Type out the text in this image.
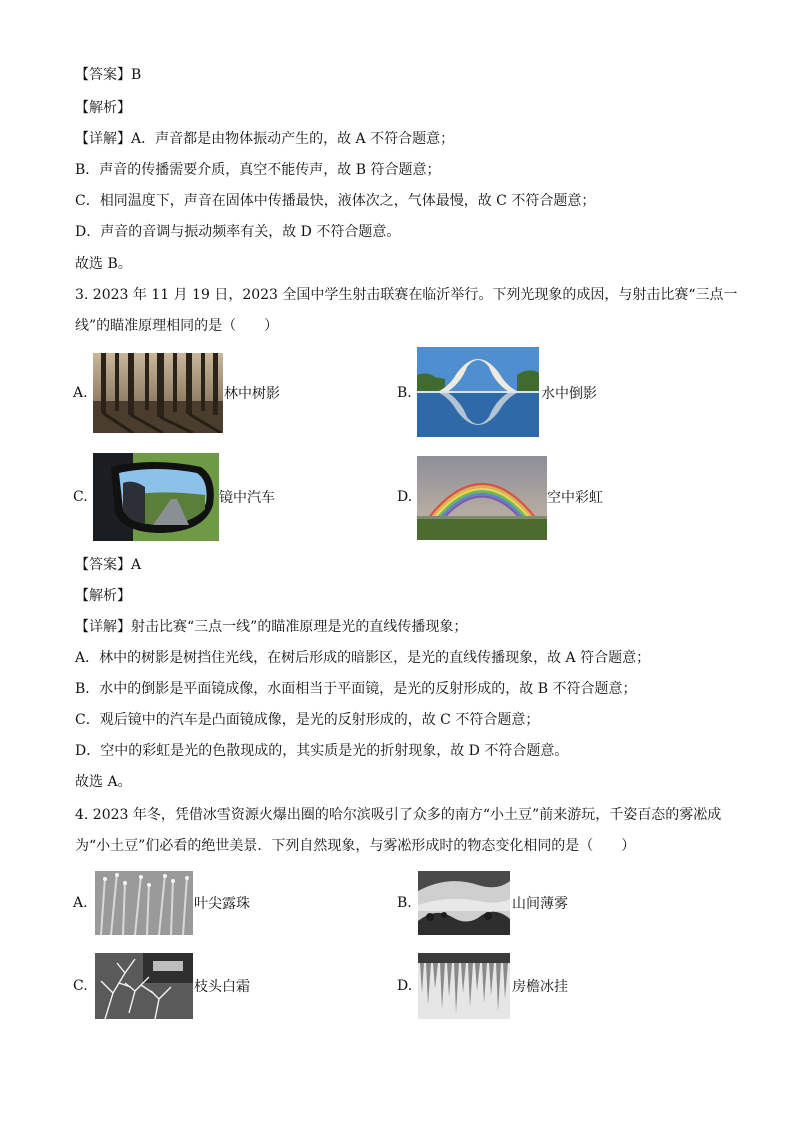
【答案】B
【解析】
【详解】A．声音都是由物体振动产生的，故 A 不符合题意；
B．声音的传播需要介质，真空不能传声，故 B 符合题意；
C．相同温度下，声音在固体中传播最快，液体次之，气体最慢，故 C 不符合题意；
D．声音的音调与振动频率有关，故 D 不符合题意。
故选 B。
3. 2023 年 11 月 19 日，2023 全国中学生射击联赛在临沂举行。下列光现象的成因，与射击比赛“三点一
线”的瞄准原理相同的是（　　）
A.	林中树影	B.	水中倒影
C.	镜中汽车	D.	空中彩虹
【答案】A
【解析】
【详解】射击比赛“三点一线”的瞄准原理是光的直线传播现象；
A．林中的树影是树挡住光线，在树后形成的暗影区，是光的直线传播现象，故 A 符合题意；
B．水中的倒影是平面镜成像，水面相当于平面镜，是光的反射形成的，故 B 不符合题意；
C．观后镜中的汽车是凸面镜成像，是光的反射形成的，故 C 不符合题意；
D．空中的彩虹是光的色散现成的，其实质是光的折射现象，故 D 不符合题意。
故选 A。
4. 2023 年冬，凭借冰雪资源火爆出圈的哈尔滨吸引了众多的南方“小土豆”前来游玩，千姿百态的雾凇成
为“小土豆”们必看的绝世美景．下列自然现象，与雾凇形成时的物态变化相同的是（　　）
A.	叶尖露珠	B.	山间薄雾
C.	枝头白霜	D.	房檐冰挂
